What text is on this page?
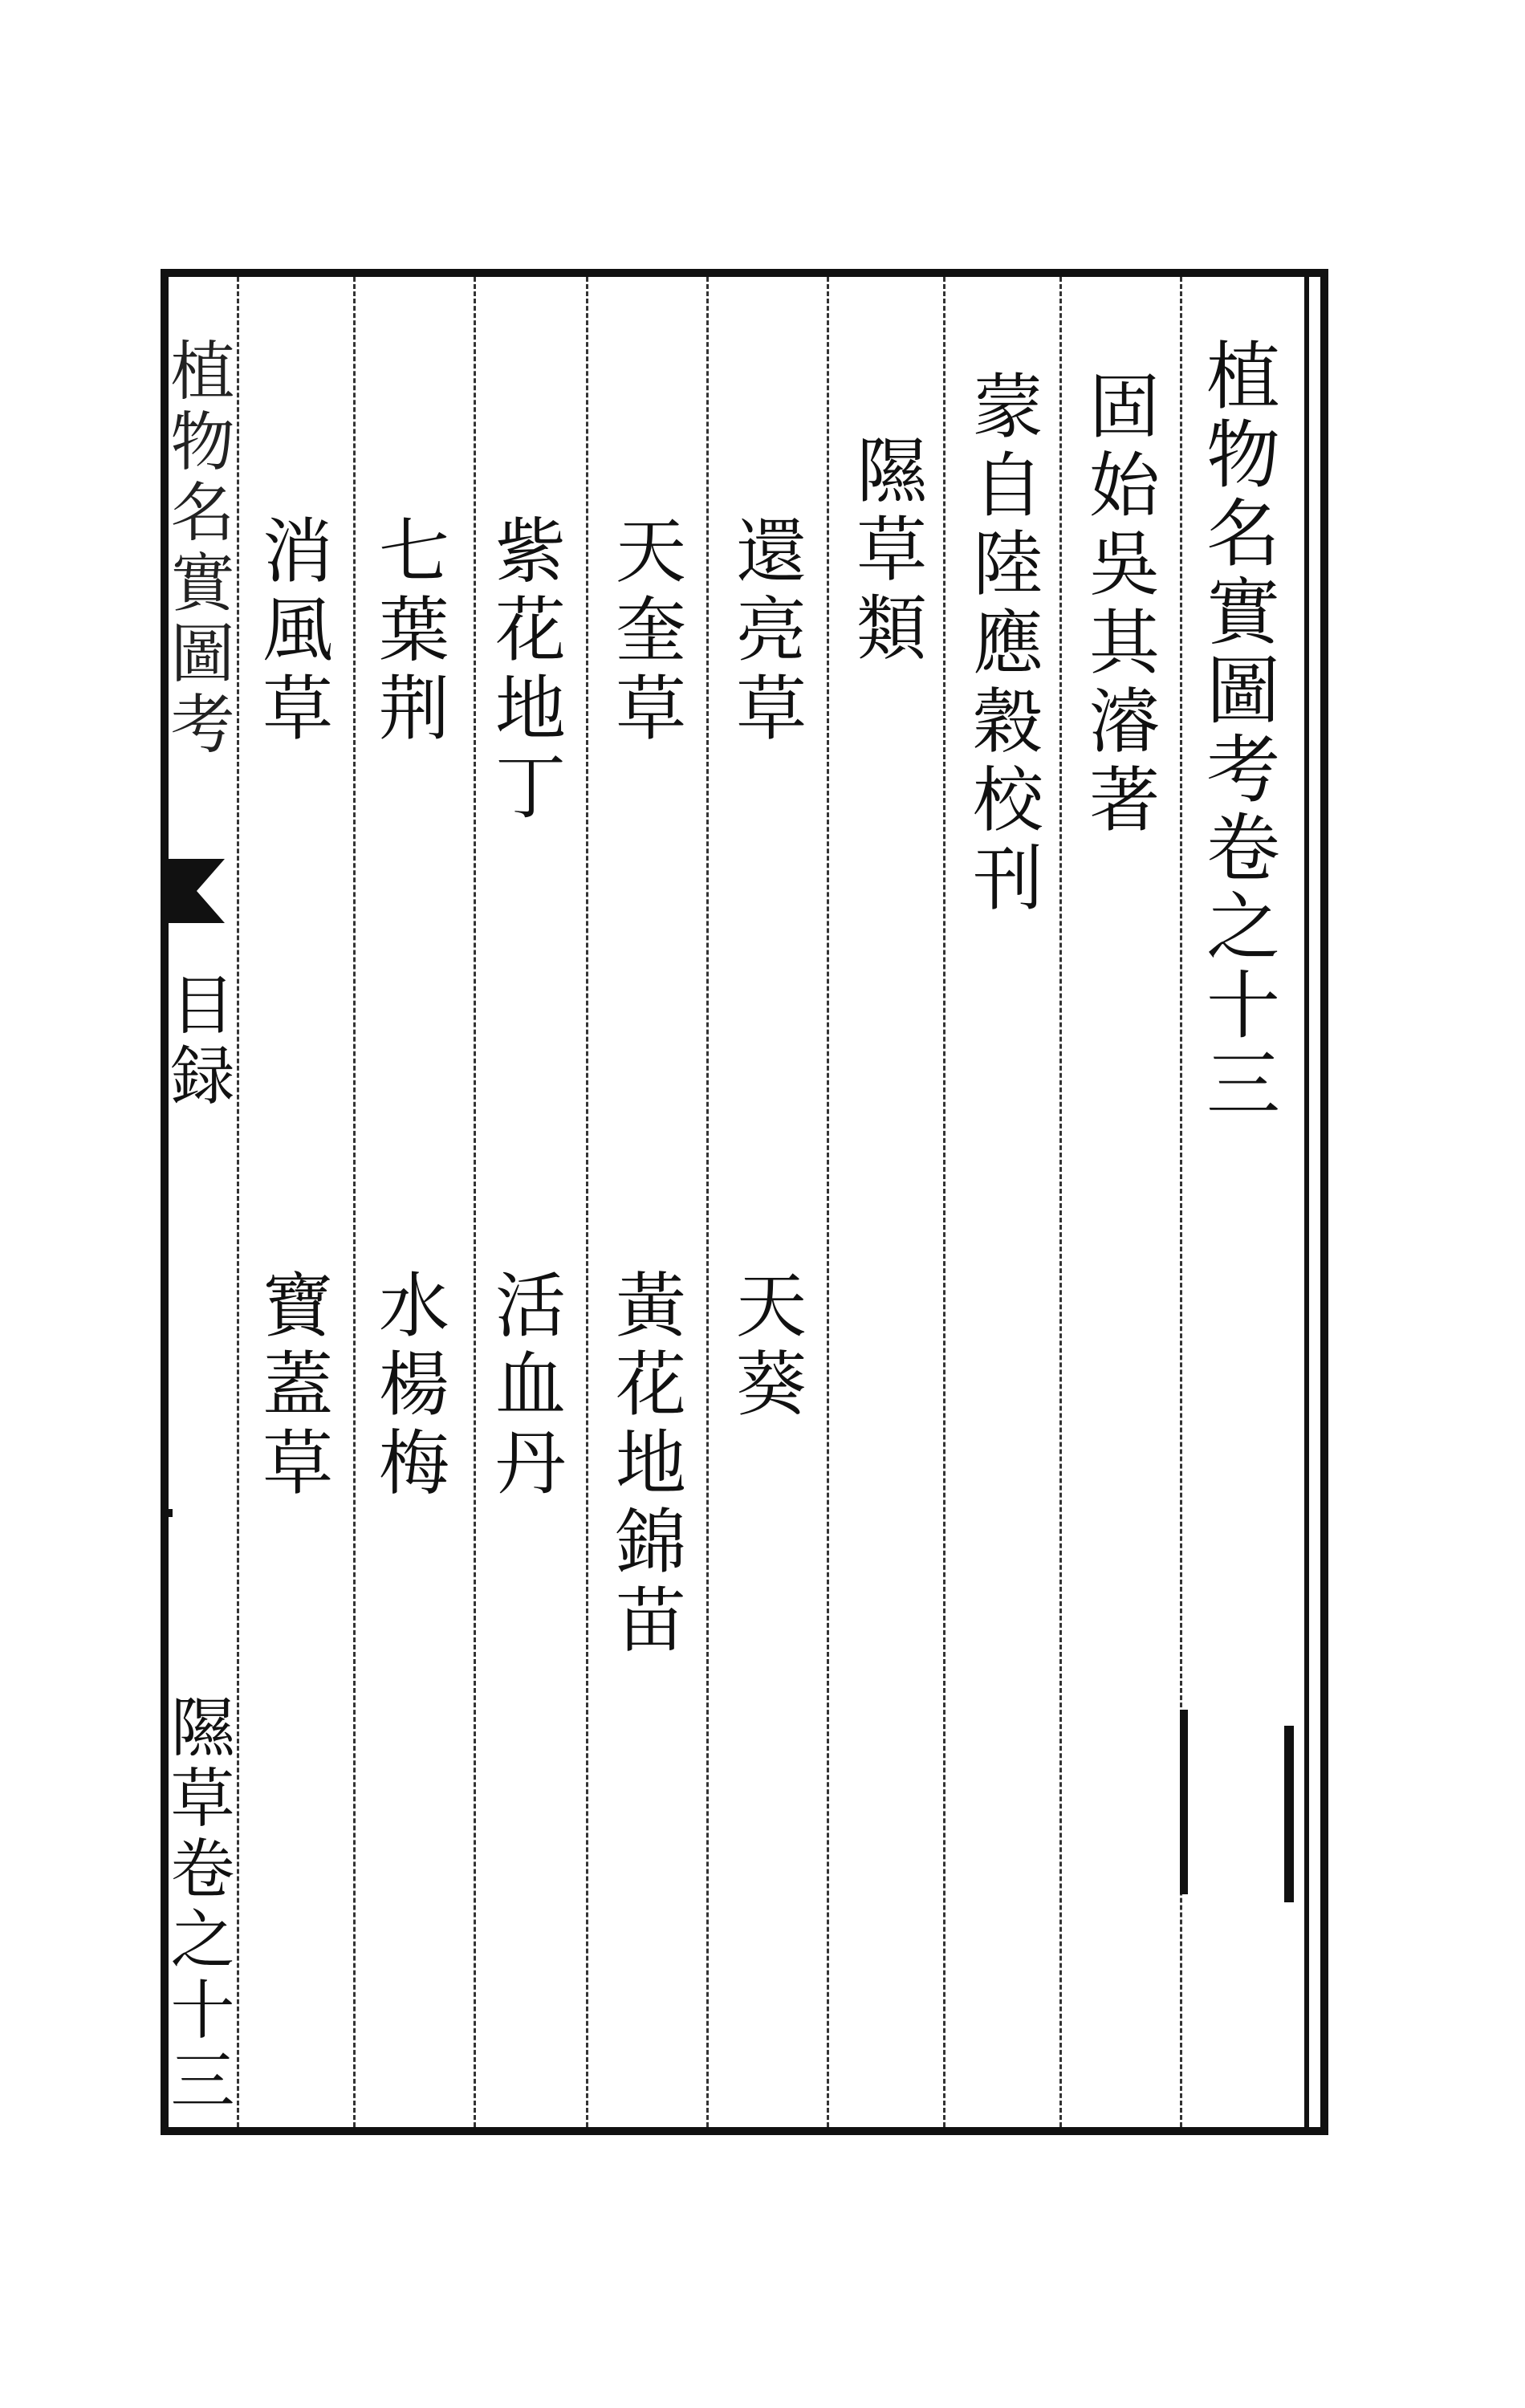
植物名實圖考卷之十三
固始吳其濬著
蒙自陸應穀校刊
隰草類
還亮草
天奎草
紫花地丁
七葉荆
消風草
天葵
黃花地錦苗
活血丹
水楊梅
寶蓋草
植物名實圖考
目録
隰草卷之十三
